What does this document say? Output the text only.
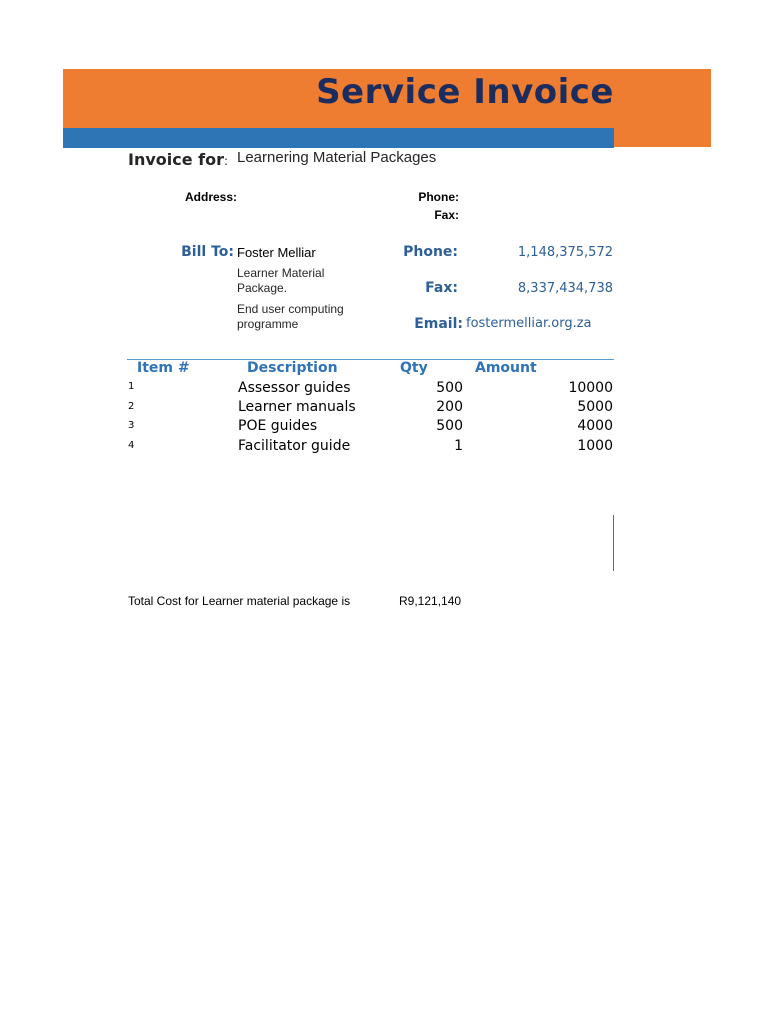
Service Invoice
Invoice for: Learnering Material Packages
Address:	Phone:
Fax:
Bill To: Foster Melliar
Learner Material
Package.
End user computing
programme
Phone:	1,148,375,572
Fax:	8,337,434,738
Email: fostermelliar.org.za
Item #	Description	Qty	Amount
1	Assessor guides	500	10000
2	Learner manuals	200	5000
3	POE guides	500	4000
4	Facilitator guide	1	1000
Total Cost for Learner material package is	R9,121,140
